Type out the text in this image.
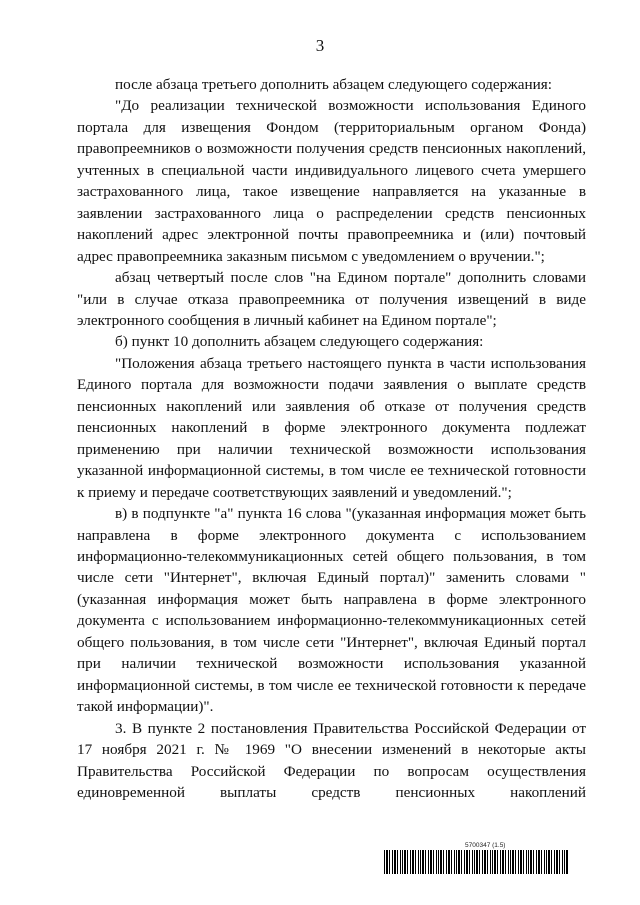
3

после абзаца третьего дополнить абзацем следующего содержания:

"До реализации технической возможности использования Единого портала для извещения Фондом (территориальным органом Фонда) правопреемников о возможности получения средств пенсионных накоплений, учтенных в специальной части индивидуального лицевого счета умершего застрахованного лица, такое извещение направляется на указанные в заявлении застрахованного лица о распределении средств пенсионных накоплений адрес электронной почты правопреемника и (или) почтовый адрес правопреемника заказным письмом с уведомлением о вручении.";

абзац четвертый после слов "на Едином портале" дополнить словами "или в случае отказа правопреемника от получения извещений в виде электронного сообщения в личный кабинет на Едином портале";

б) пункт 10 дополнить абзацем следующего содержания:

"Положения абзаца третьего настоящего пункта в части использования Единого портала для возможности подачи заявления о выплате средств пенсионных накоплений или заявления об отказе от получения средств пенсионных накоплений в форме электронного документа подлежат применению при наличии технической возможности использования указанной информационной системы, в том числе ее технической готовности к приему и передаче соответствующих заявлений и уведомлений.";

в) в подпункте "а" пункта 16 слова "(указанная информация может быть направлена в форме электронного документа с использованием информационно-телекоммуникационных сетей общего пользования, в том числе сети "Интернет", включая Единый портал)" заменить словами "(указанная информация может быть направлена в форме электронного документа с использованием информационно-телекоммуникационных сетей общего пользования, в том числе сети "Интернет", включая Единый портал при наличии технической возможности использования указанной информационной системы, в том числе ее технической готовности к передаче такой информации)".

3. В пункте 2 постановления Правительства Российской Федерации от 17 ноября 2021 г. № 1969 "О внесении изменений в некоторые акты Правительства Российской Федерации по вопросам осуществления единовременной выплаты средств пенсионных накоплений

5700347 (1.5)
